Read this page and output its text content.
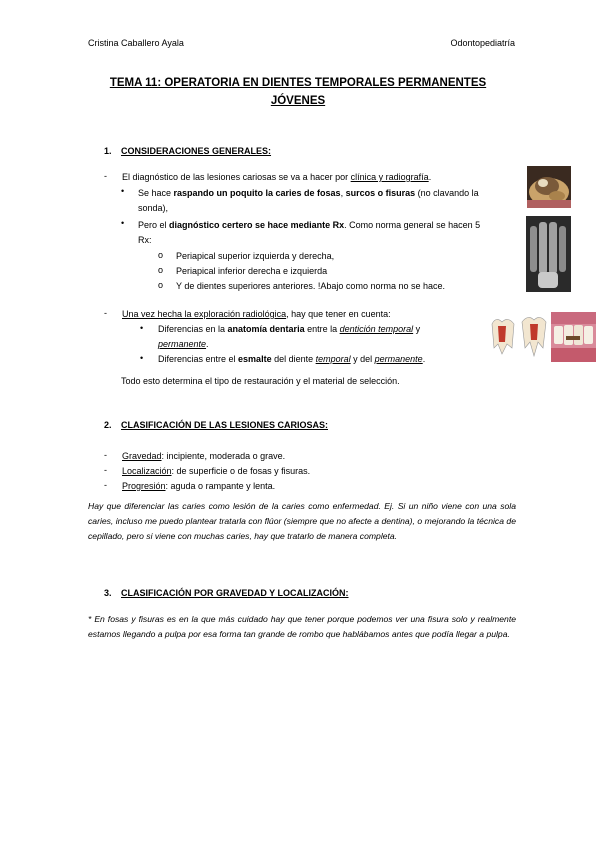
Cristina Caballero Ayala	Odontopediatría
TEMA 11: OPERATORIA EN DIENTES TEMPORALES PERMANENTES
JÓVENES
1. CONSIDERACIONES GENERALES:
- El diagnóstico de las lesiones cariosas se va a hacer por clínica y radiografía.
• Se hace raspando un poquito la caries de fosas, surcos o fisuras (no clavando la
sonda),
• Pero el diagnóstico certero se hace mediante Rx. Como norma general se hacen 5
Rx:
o Periapical superior izquierda y derecha,
o Periapical inferior derecha e izquierda
o Y de dientes superiores anteriores. !Abajo como norma no se hace.
- Una vez hecha la exploración radiológica, hay que tener en cuenta:
• Diferencias en la anatomía dentaria entre la dentición temporal y
permanente.
• Diferencias entre el esmalte del diente temporal y del permanente.
Todo esto determina el tipo de restauración y el material de selección.
2. CLASIFICACIÓN DE LAS LESIONES CARIOSAS:
- Gravedad: incipiente, moderada o grave.
- Localización: de superficie o de fosas y fisuras.
- Progresión: aguda o rampante y lenta.
Hay que diferenciar las caries como lesión de la caries como enfermedad. Ej. Si un niño viene con una sola caries, incluso me puedo plantear tratarla con flúor (siempre que no afecte a dentina), o mejorando la técnica de cepillado, pero si viene con muchas caries, hay que tratarlo de manera completa.
3. CLASIFICACIÓN POR GRAVEDAD Y LOCALIZACIÓN:
* En fosas y fisuras es en la que más cuidado hay que tener porque podemos ver una fisura solo y realmente estamos llegando a pulpa por esa forma tan grande de rombo que hablábamos antes que podía llegar a pulpa.
